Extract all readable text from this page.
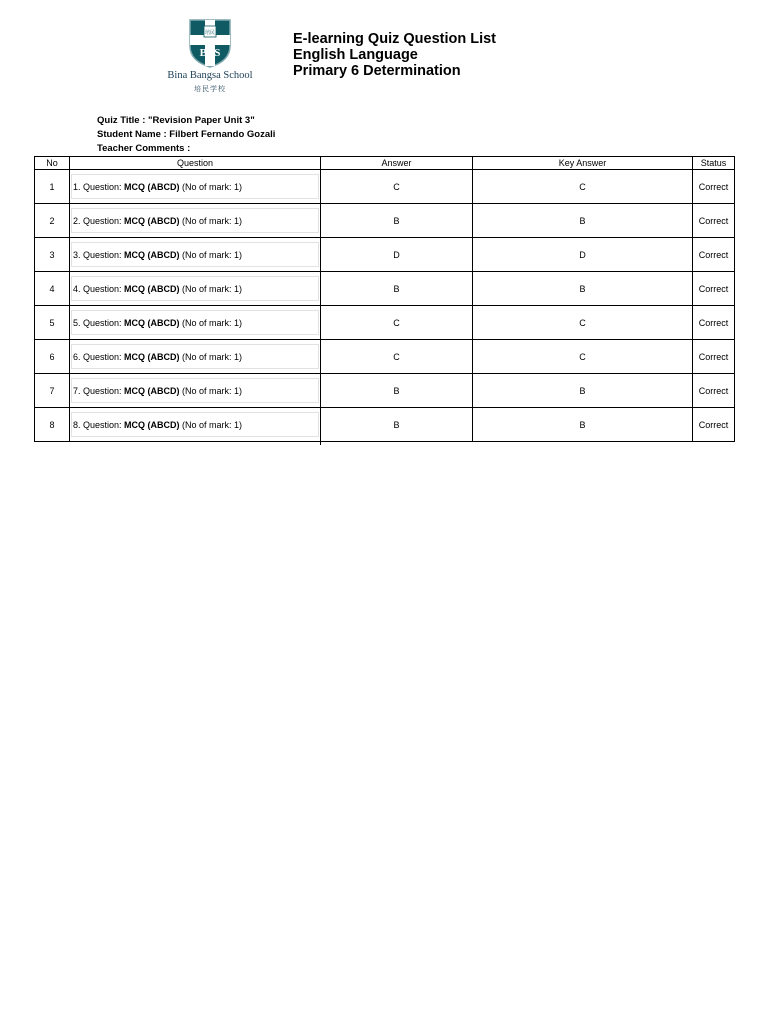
培民
BBS
Bina Bangsa School
培民学校
E-learning Quiz Question List
English Language
Primary 6 Determination
Quiz Title : "Revision Paper Unit 3"
Student Name : Filbert Fernando Gozali
Teacher Comments :
No	Question	Answer	Key Answer	Status
1	1. Question: MCQ (ABCD) (No of mark: 1)	C	C	Correct
2	2. Question: MCQ (ABCD) (No of mark: 1)	B	B	Correct
3	3. Question: MCQ (ABCD) (No of mark: 1)	D	D	Correct
4	4. Question: MCQ (ABCD) (No of mark: 1)	B	B	Correct
5	5. Question: MCQ (ABCD) (No of mark: 1)	C	C	Correct
6	6. Question: MCQ (ABCD) (No of mark: 1)	C	C	Correct
7	7. Question: MCQ (ABCD) (No of mark: 1)	B	B	Correct
8	8. Question: MCQ (ABCD) (No of mark: 1)	B	B	Correct
